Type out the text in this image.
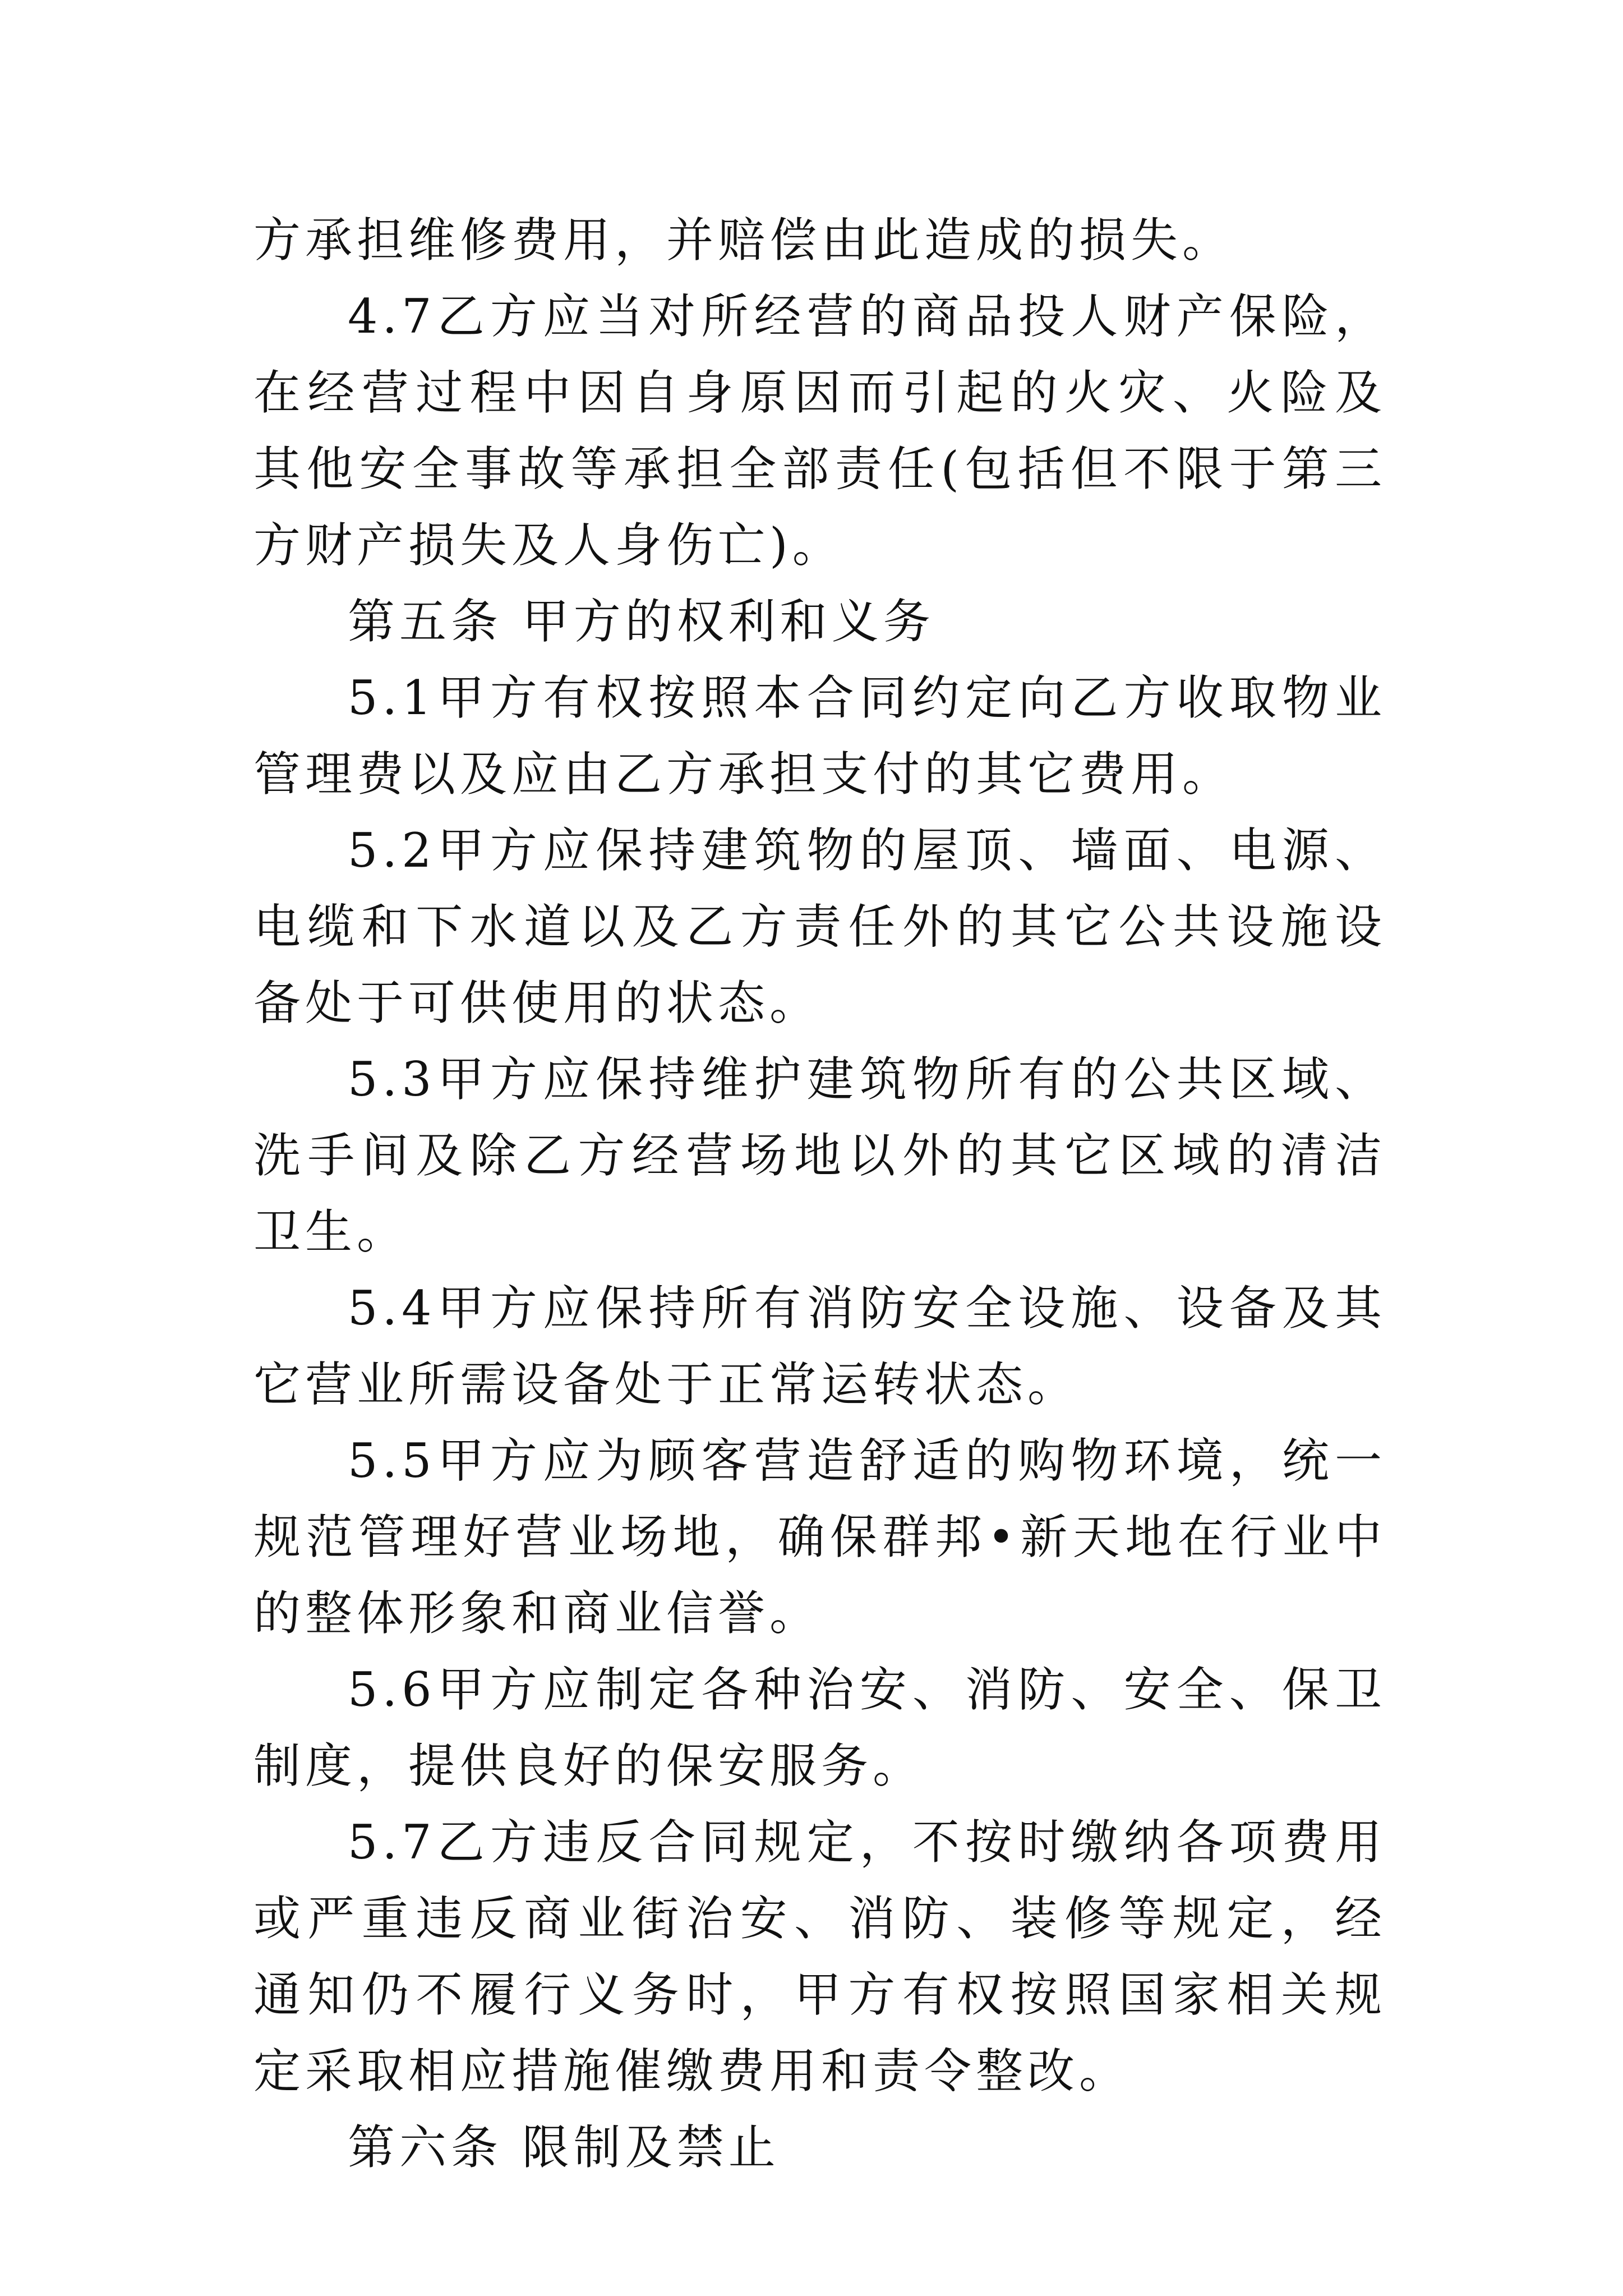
方承担维修费用，并赔偿由此造成的损失。

4.7乙方应当对所经营的商品投人财产保险，在经营过程中因自身原因而引起的火灾、火险及其他安全事故等承担全部责任(包括但不限于第三方财产损失及人身伤亡)。

第五条 甲方的权利和义务

5.1甲方有权按照本合同约定向乙方收取物业管理费以及应由乙方承担支付的其它费用。

5.2甲方应保持建筑物的屋顶、墙面、电源、电缆和下水道以及乙方责任外的其它公共设施设备处于可供使用的状态。

5.3甲方应保持维护建筑物所有的公共区域、洗手间及除乙方经营场地以外的其它区域的清洁卫生。

5.4甲方应保持所有消防安全设施、设备及其它营业所需设备处于正常运转状态。

5.5甲方应为顾客营造舒适的购物环境，统一规范管理好营业场地，确保群邦•新天地在行业中的整体形象和商业信誉。

5.6甲方应制定各种治安、消防、安全、保卫制度，提供良好的保安服务。

5.7乙方违反合同规定，不按时缴纳各项费用或严重违反商业街治安、消防、装修等规定，经通知仍不履行义务时，甲方有权按照国家相关规定采取相应措施催缴费用和责令整改。

第六条 限制及禁止
